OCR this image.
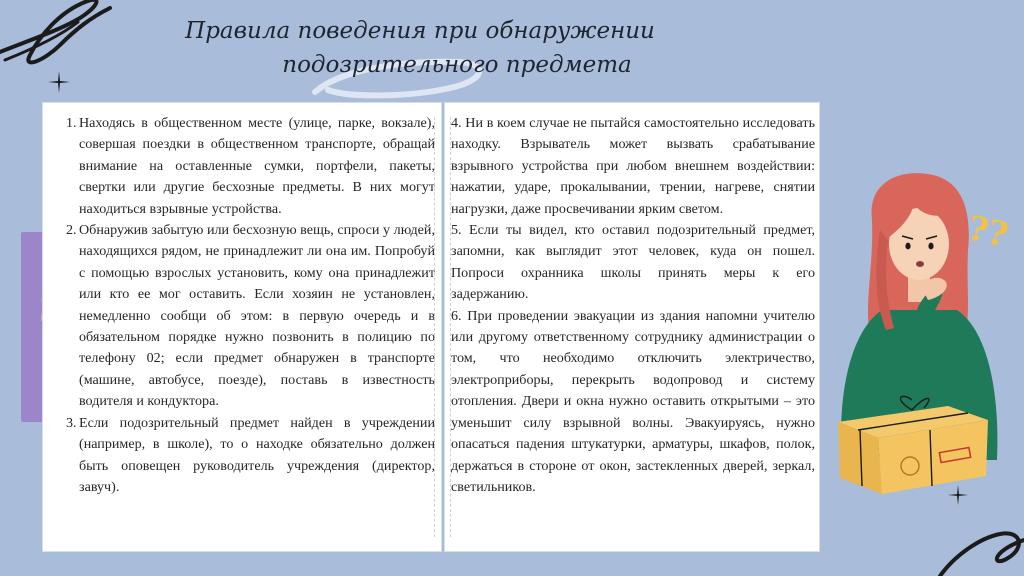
Правила поведения при обнаружении
подозрительного предмета
1. Находясь в общественном месте (улице, парке, вокзале), совершая поездки в общественном транспорте, обращай внимание на оставленные сумки, портфели, пакеты, свертки или другие бесхозные предметы. В них могут находиться взрывные устройства.
2. Обнаружив забытую или бесхозную вещь, спроси у людей, находящихся рядом, не принадлежит ли она им. Попробуй с помощью взрослых установить, кому она принадлежит или кто ее мог оставить. Если хозяин не установлен, немедленно сообщи об этом: в первую очередь и в обязательном порядке нужно позвонить в полицию по телефону 02; если предмет обнаружен в транспорте (машине, автобусе, поезде), поставь в известность водителя и кондуктора.
3. Если подозрительный предмет найден в учреждении (например, в школе), то о находке обязательно должен быть оповещен руководитель учреждения (директор, завуч).

4. Ни в коем случае не пытайся самостоятельно исследовать находку. Взрыватель может вызвать срабатывание взрывного устройства при любом внешнем воздействии: нажатии, ударе, прокалывании, трении, нагреве, снятии нагрузки, даже просвечивании ярким светом.

5. Если ты видел, кто оставил подозрительный предмет, запомни, как выглядит этот человек, куда он пошел. Попроси охранника школы принять меры к его задержанию.

6. При проведении эвакуации из здания напомни учителю или другому ответственному сотруднику администрации о том, что необходимо отключить электричество, электроприборы, перекрыть водопровод и систему отопления. Двери и окна нужно оставить открытыми – это уменьшит силу взрывной волны. Эвакуируясь, нужно опасаться падения штукатурки, арматуры, шкафов, полок, держаться в стороне от окон, застекленных дверей, зеркал, светильников.

??
